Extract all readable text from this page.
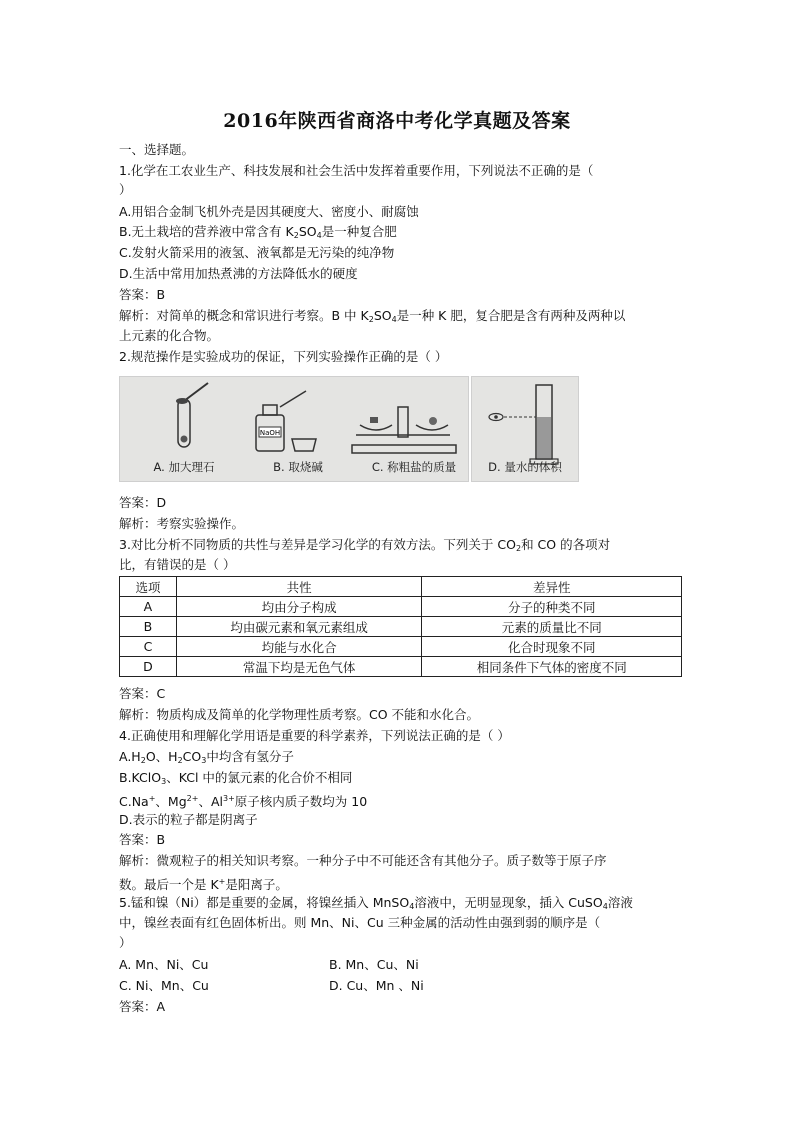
2016年陕西省商洛中考化学真题及答案
一、选择题。
1.化学在工农业生产、科技发展和社会生活中发挥着重要作用，下列说法不正确的是（
）
A.用铝合金制飞机外壳是因其硬度大、密度小、耐腐蚀
B.无土栽培的营养液中常含有 $K_2SO_4$是一种复合肥
C.发射火箭采用的液氢、液氧都是无污染的纯净物
D.生活中常用加热煮沸的方法降低水的硬度
答案：B
解析：对简单的概念和常识进行考察。B 中 $K_2SO_4$是一种 K 肥，复合肥是含有两种及两种以
上元素的化合物。
2.规范操作是实验成功的保证，下列实验操作正确的是（ ）
NaOH
A. 加大理石	B. 取烧碱	C. 称粗盐的质量	D. 量水的体积
答案：D
解析：考察实验操作。
3.对比分析不同物质的共性与差异是学习化学的有效方法。下列关于 $CO_2$和 CO 的各项对
比，有错误的是（ ）
选项	共性	差异性
A	均由分子构成	分子的种类不同
B	均由碳元素和氧元素组成	元素的质量比不同
C	均能与水化合	化合时现象不同
D	常温下均是无色气体	相同条件下气体的密度不同
答案：C
解析：物质构成及简单的化学物理性质考察。CO 不能和水化合。
4.正确使用和理解化学用语是重要的科学素养，下列说法正确的是（ ）
$A.H_2O$、$H_2CO_3$中均含有氢分子
B.KClO$_3$、KCl 中的氯元素的化合价不相同
C.Na+、$Mg^{2+}$、$Al^{3+}$原子核内质子数均为 10
D.表示的粒子都是阴离子
答案：B
解析：微观粒子的相关知识考察。一种分子中不可能还含有其他分子。质子数等于原子序
数。最后一个是 K+是阳离子。
5.锰和镍（Ni）都是重要的金属，将镍丝插入 MnSO$_4$溶液中，无明显现象，插入 CuSO$_4$溶液
中，镍丝表面有红色固体析出。则 Mn、Ni、Cu 三种金属的活动性由强到弱的顺序是（
）
A. Mn、Ni、Cu	B. Mn、Cu、Ni
C. Ni、Mn、Cu	D. Cu、Mn 、Ni
答案：A
